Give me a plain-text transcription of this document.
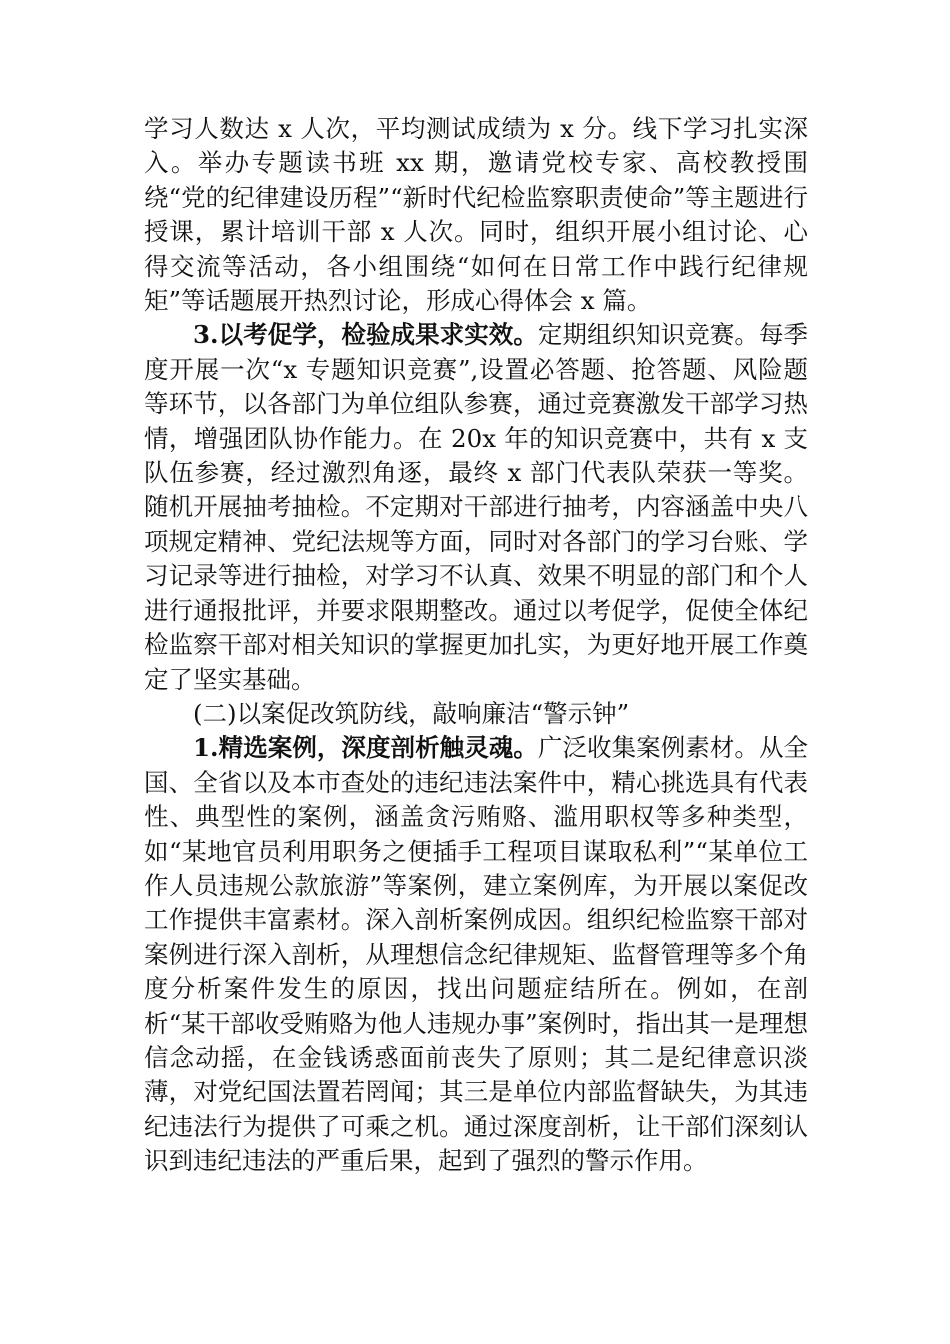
学习人数达 x 人次，平均测试成绩为 x 分。线下学习扎实深入。举办专题读书班 xx 期，邀请党校专家、高校教授围绕“党的纪律建设历程”“新时代纪检监察职责使命”等主题进行授课，累计培训干部 x 人次。同时，组织开展小组讨论、心得交流等活动，各小组围绕“如何在日常工作中践行纪律规矩”等话题展开热烈讨论，形成心得体会 x 篇。

3.以考促学，检验成果求实效。定期组织知识竞赛。每季度开展一次“x 专题知识竞赛”,设置必答题、抢答题、风险题等环节，以各部门为单位组队参赛，通过竞赛激发干部学习热情，增强团队协作能力。在 20x 年的知识竞赛中，共有 x 支队伍参赛，经过激烈角逐，最终 x 部门代表队荣获一等奖。随机开展抽考抽检。不定期对干部进行抽考，内容涵盖中央八项规定精神、党纪法规等方面，同时对各部门的学习台账、学习记录等进行抽检，对学习不认真、效果不明显的部门和个人进行通报批评，并要求限期整改。通过以考促学，促使全体纪检监察干部对相关知识的掌握更加扎实，为更好地开展工作奠定了坚实基础。

(二)以案促改筑防线，敲响廉洁“警示钟”

1.精选案例，深度剖析触灵魂。广泛收集案例素材。从全国、全省以及本市查处的违纪违法案件中，精心挑选具有代表性、典型性的案例，涵盖贪污贿赂、滥用职权等多种类型，如“某地官员利用职务之便插手工程项目谋取私利”“某单位工作人员违规公款旅游”等案例，建立案例库，为开展以案促改工作提供丰富素材。深入剖析案例成因。组织纪检监察干部对案例进行深入剖析，从理想信念纪律规矩、监督管理等多个角度分析案件发生的原因，找出问题症结所在。例如，在剖析“某干部收受贿赂为他人违规办事”案例时，指出其一是理想信念动摇，在金钱诱惑面前丧失了原则；其二是纪律意识淡薄，对党纪国法置若罔闻；其三是单位内部监督缺失，为其违纪违法行为提供了可乘之机。通过深度剖析，让干部们深刻认识到违纪违法的严重后果，起到了强烈的警示作用。
